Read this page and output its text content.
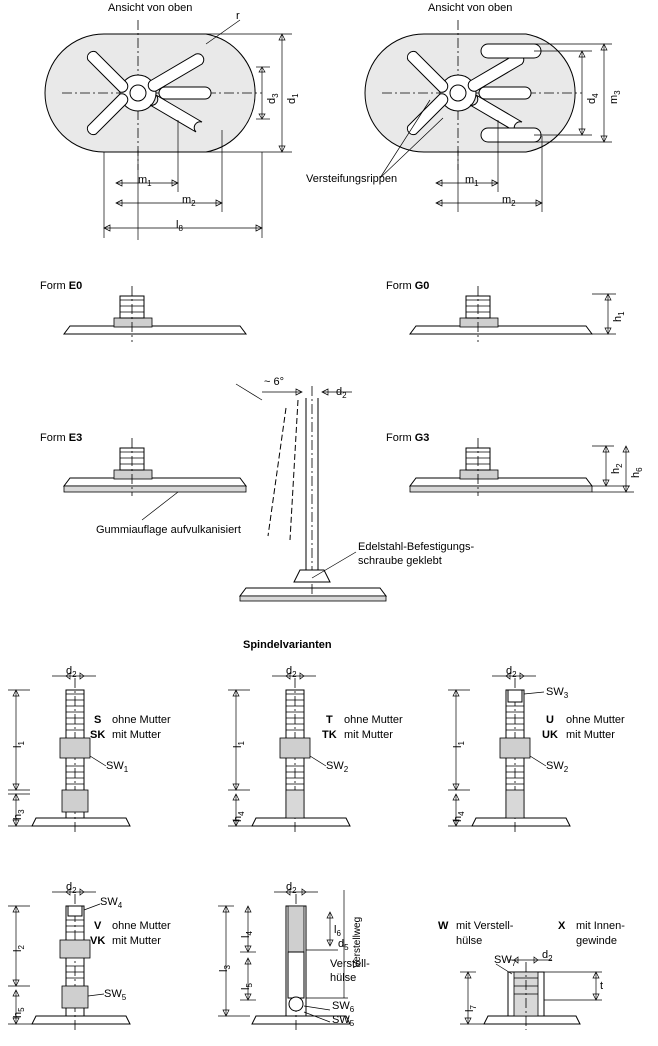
Ansicht von oben	Ansicht von oben
r
$d_3$
$d_1$
$m_1$
$m_2$
$l_8$
$d_4$ $m_3$
$m_1$
$m_2$
Versteifungsrippen
Form E0	Form G0
$h_1$
Form E3	Form G3
$h_2$
$h_6$
Gummiauflage aufvulkanisiert
~ 6°
$d_2$
Edelstahl-Befestigungs-
schraube geklebt
Spindelvarianten
$d_2$
$l_1$
$h_3$
S ohne Mutter
SK mit Mutter
$SW_1$
$d_2$
$l_1$
$h_4$
T ohne Mutter
TK mit Mutter
$SW_2$
$d_2$
$l_1$
$h_4$
$SW_3$
U ohne Mutter
UK mit Mutter
$SW_2$
$d_2$
$SW_4$
$l_2$
$h_5$
V ohne Mutter
VK mit Mutter
$SW_5$
$d_2$
$l_3$
$l_4$
$l_5$
$l_6$
$d_5$ Verstellweg
Verstell-
hülse
$SW_6$
$SW_5$
W mit Verstell-
hülse
X mit Innen-
gewinde
$SW_7$
$d_2$
t
$l_7$
